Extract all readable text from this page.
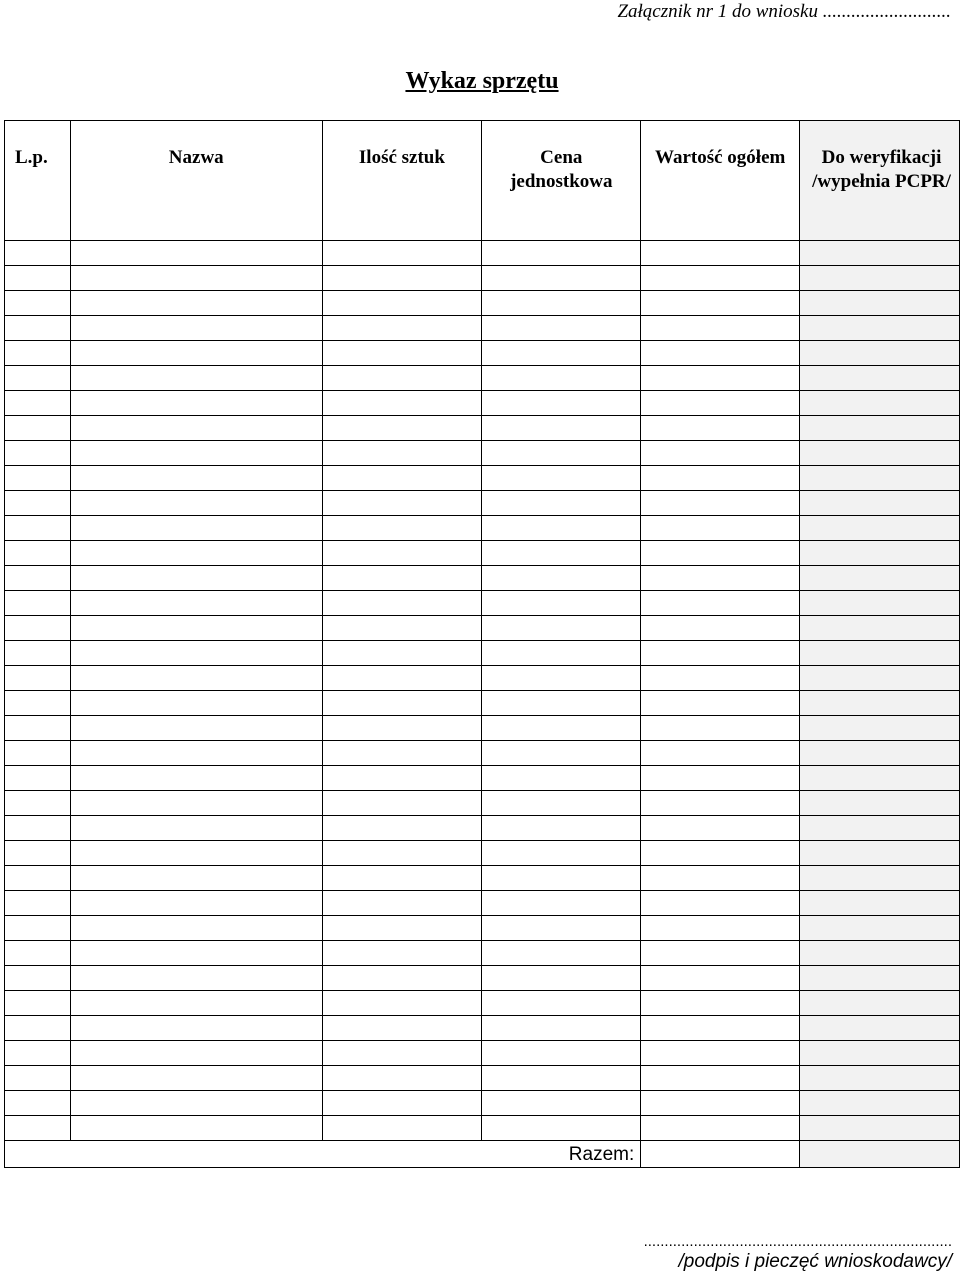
Załącznik nr 1 do wniosku ...........................
Wykaz sprzętu
L.p.	Nazwa	Ilość sztuk	Cena jednostkowa	Wartość ogółem	Do weryfikacji /wypełnia PCPR/

Razem:					
..........................................................................
/podpis i pieczęć wnioskodawcy/
